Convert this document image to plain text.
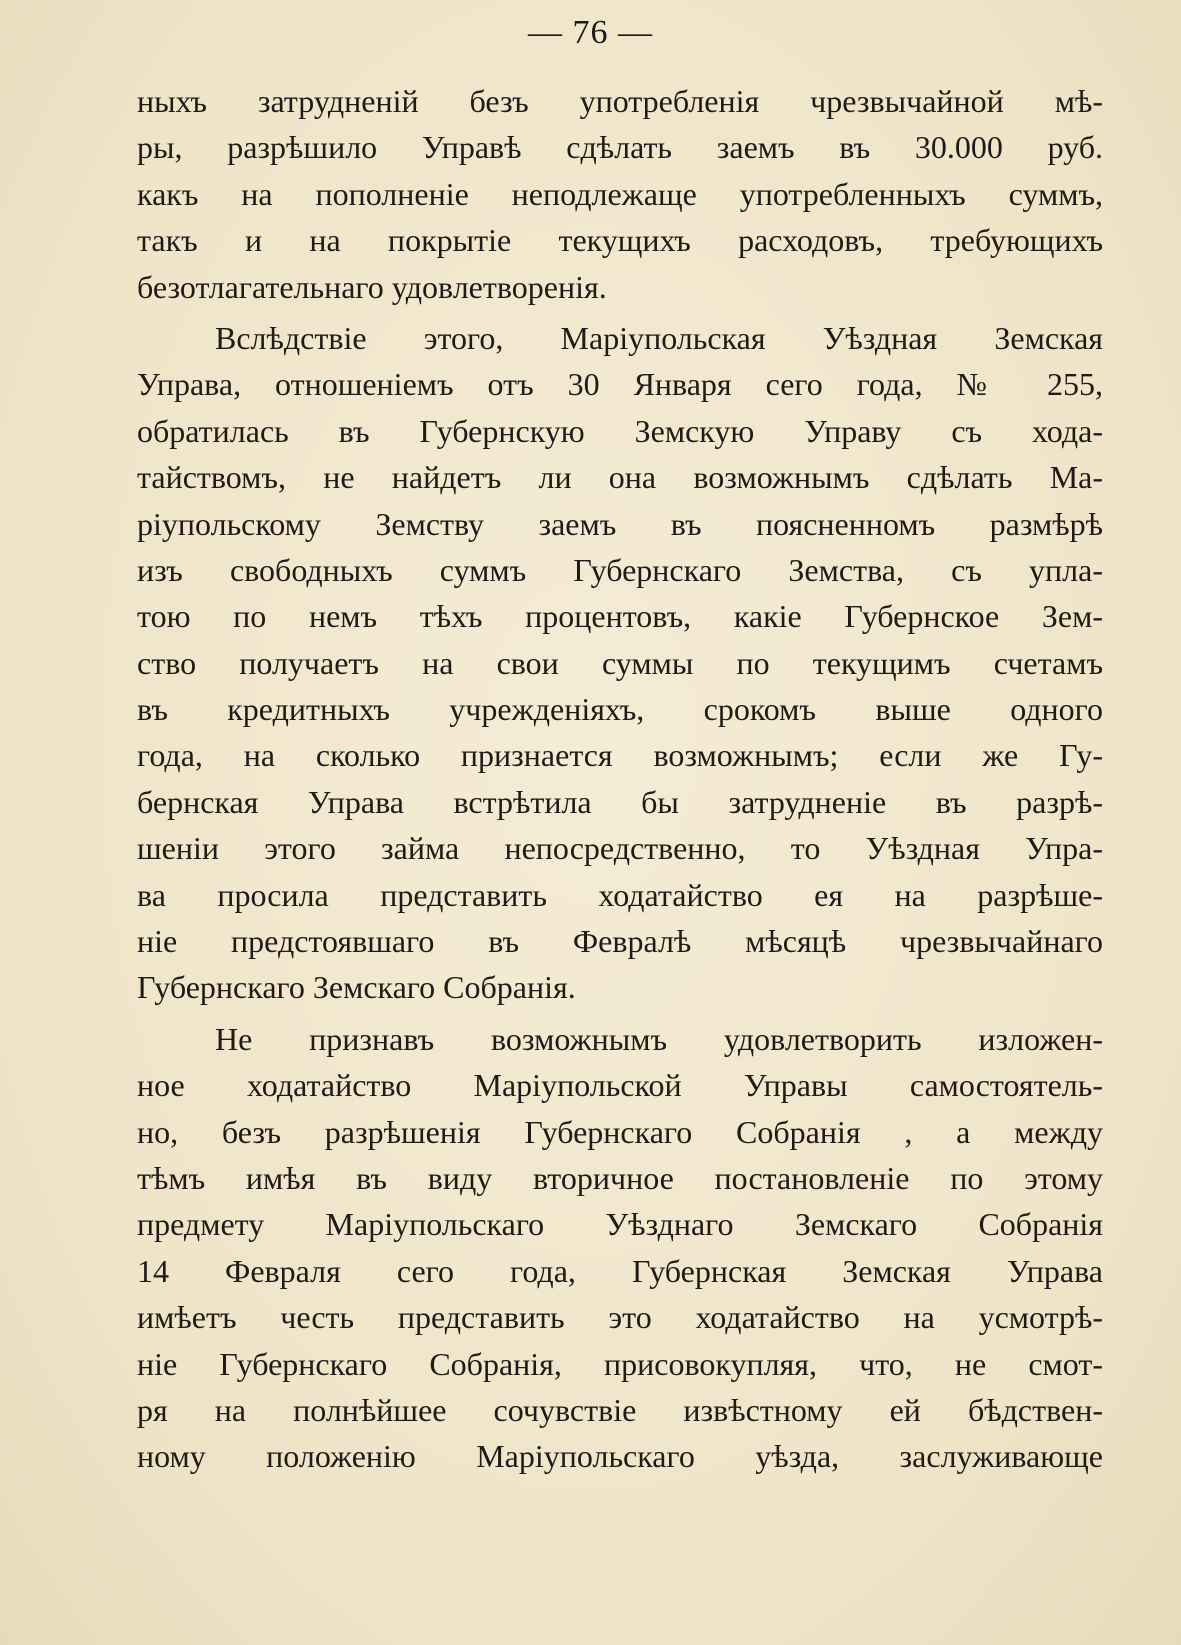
— 76 —
ныхъ затрудненій безъ употребленія чрезвычайной мѣ-
ры, разрѣшило Управѣ сдѣлать заемъ въ 30.000 руб.
какъ на пополненіе неподлежаще употребленныхъ суммъ,
такъ и на покрытіе текущихъ расходовъ, требующихъ
безотлагательнаго удовлетворенія.
Вслѣдствіе этого, Маріупольская Уѣздная Земская
Управа, отношеніемъ отъ 30 Января сего года, № 255,
обратилась въ Губернскую Земскую Управу съ хода-
тайствомъ, не найдетъ ли она возможнымъ сдѣлать Ма-
ріупольскому Земству заемъ въ поясненномъ размѣрѣ
изъ свободныхъ суммъ Губернскаго Земства, съ упла-
тою по немъ тѣхъ процентовъ, какіе Губернское Зем-
ство получаетъ на свои суммы по текущимъ счетамъ
въ кредитныхъ учрежденіяхъ, срокомъ выше одного
года, на сколько признается возможнымъ; если же Гу-
бернская Управа встрѣтила бы затрудненіе въ разрѣ-
шеніи этого займа непосредственно, то Уѣздная Упра-
ва просила представить ходатайство ея на разрѣше-
ніе предстоявшаго въ Февралѣ мѣсяцѣ чрезвычайнаго
Губернскаго Земскаго Собранія.
Не признавъ возможнымъ удовлетворить изложен-
ное ходатайство Маріупольской Управы самостоятель-
но, безъ разрѣшенія Губернскаго Собранія , а между
тѣмъ имѣя въ виду вторичное постановленіе по этому
предмету Маріупольскаго Уѣзднаго Земскаго Собранія
14 Февраля сего года, Губернская Земская Управа
имѣетъ честь представить это ходатайство на усмотрѣ-
ніе Губернскаго Собранія, присовокупляя, что, не смот-
ря на полнѣйшее сочувствіе извѣстному ей бѣдствен-
ному положенію Маріупольскаго уѣзда, заслуживающе
